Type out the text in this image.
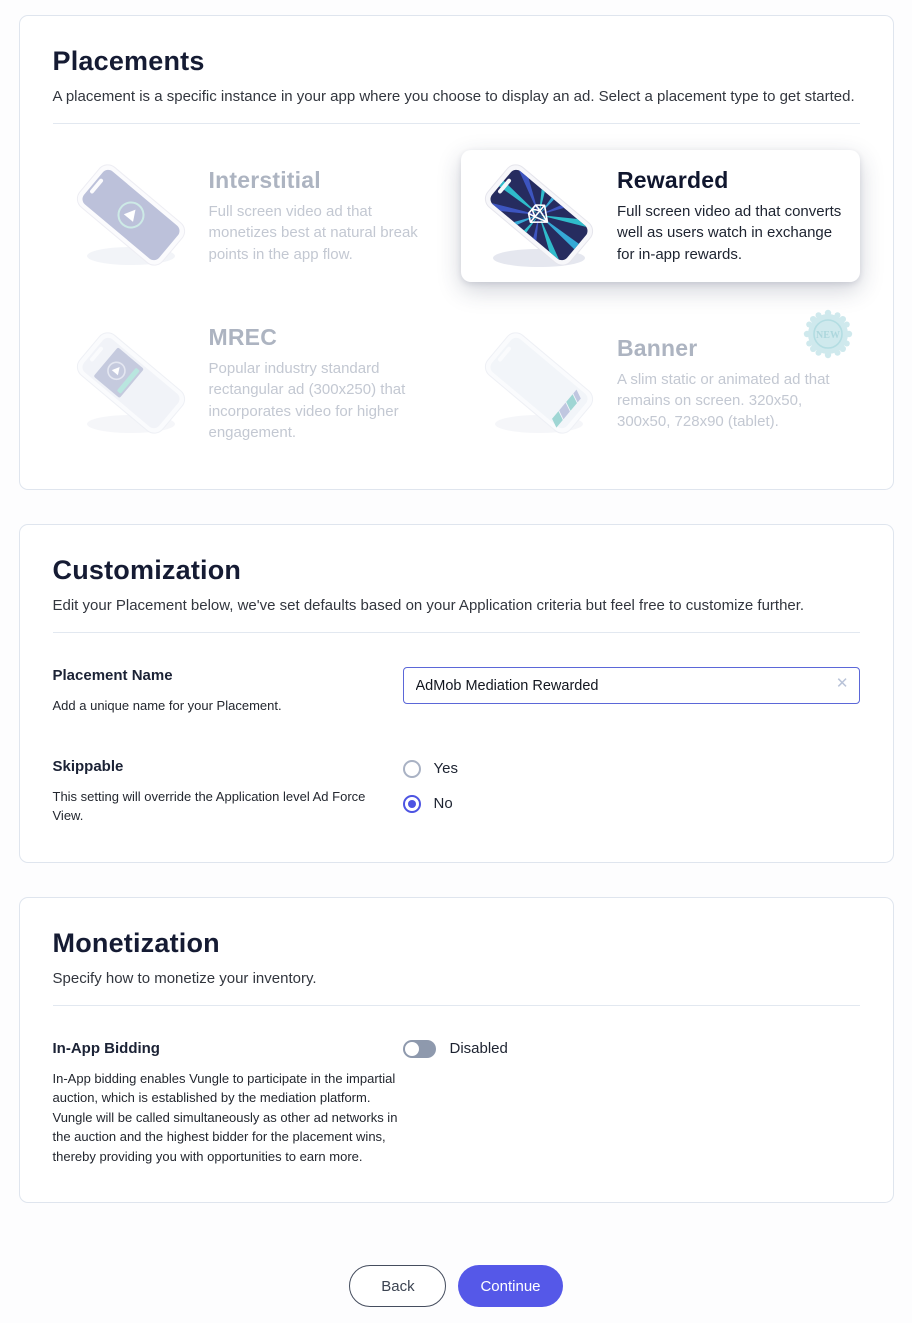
Placements
A placement is a specific instance in your app where you choose to display an ad. Select a placement type to get started.
Interstitial
Full screen video ad that monetizes best at natural break points in the app flow.
Rewarded
Full screen video ad that converts well as users watch in exchange for in-app rewards.
MREC
Popular industry standard rectangular ad (300x250) that incorporates video for higher engagement.
Banner
A slim static or animated ad that remains on screen. 320x50, 300x50, 728x90 (tablet).
NEW
Customization
Edit your Placement below, we've set defaults based on your Application criteria but feel free to customize further.
Placement Name
Add a unique name for your Placement.
AdMob Mediation Rewarded
✕
Skippable
This setting will override the Application level Ad Force View.
Yes
No
Monetization
Specify how to monetize your inventory.
In-App Bidding
In-App bidding enables Vungle to participate in the impartial auction, which is established by the mediation platform. Vungle will be called simultaneously as other ad networks in the auction and the highest bidder for the placement wins, thereby providing you with opportunities to earn more.
Disabled
Back	Continue
